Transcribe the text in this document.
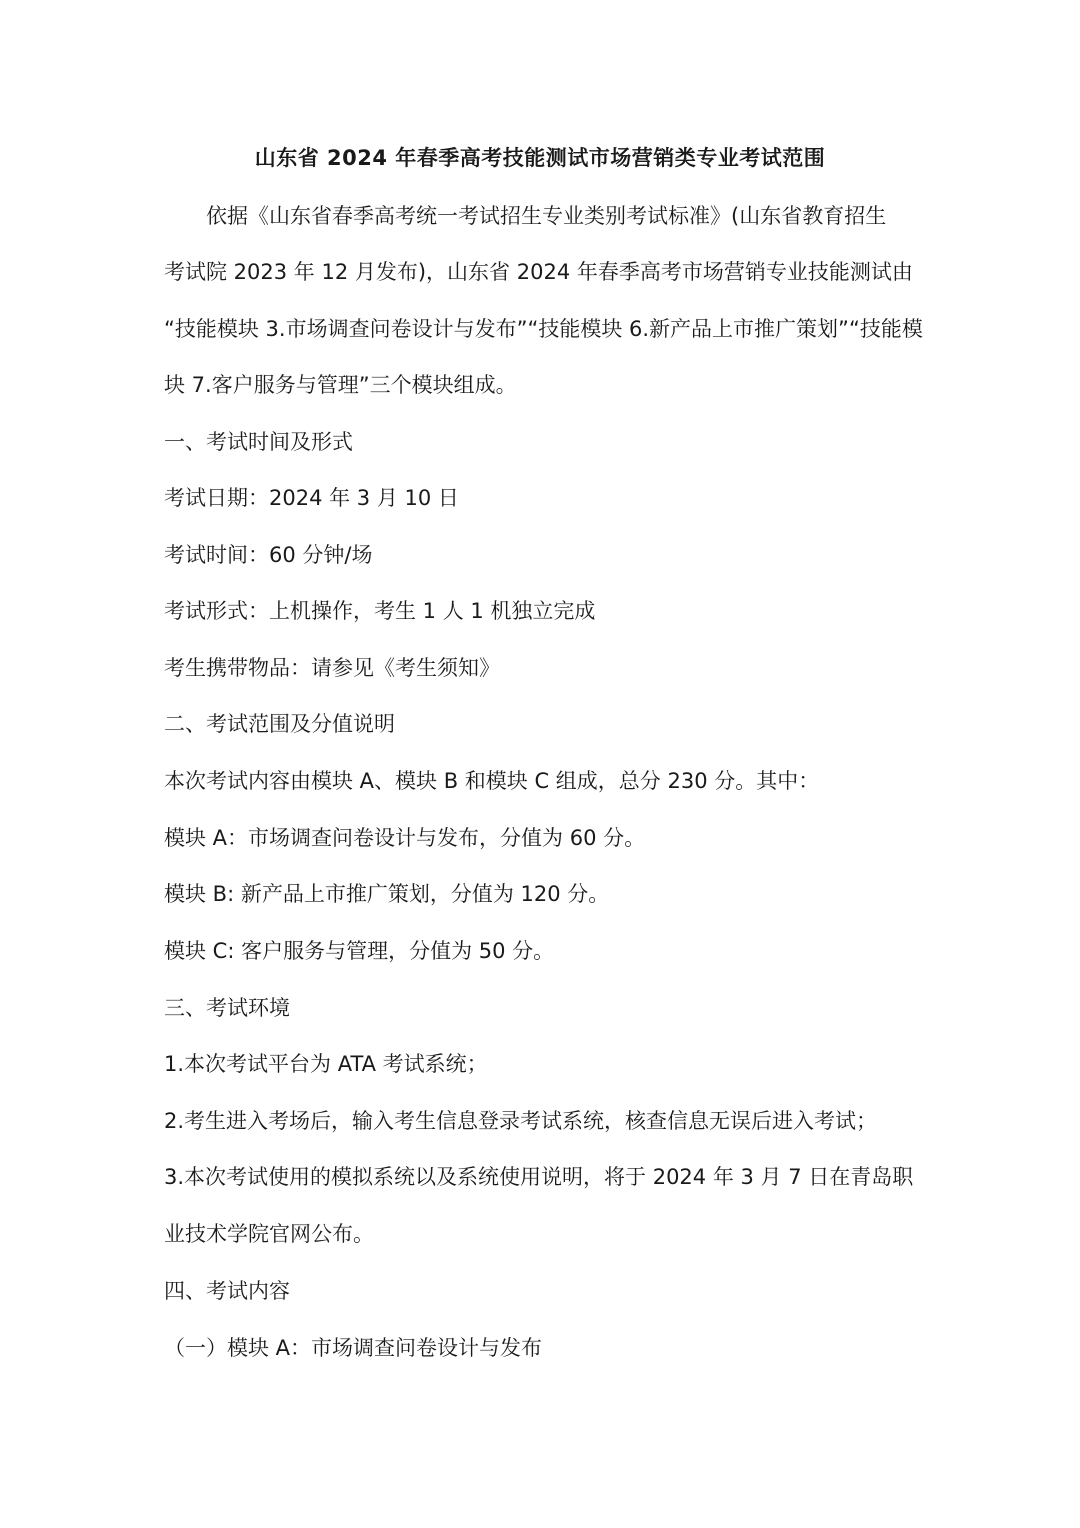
山东省 2024 年春季高考技能测试市场营销类专业考试范围
依据《山东省春季高考统一考试招生专业类别考试标准》(山东省教育招生
考试院 2023 年 12 月发布)，山东省 2024 年春季高考市场营销专业技能测试由
“技能模块 3.市场调查问卷设计与发布”“技能模块 6.新产品上市推广策划”“技能模
块 7.客户服务与管理”三个模块组成。
一、考试时间及形式
考试日期：2024 年 3 月 10 日
考试时间：60 分钟/场
考试形式：上机操作，考生 1 人 1 机独立完成
考生携带物品：请参见《考生须知》
二、考试范围及分值说明
本次考试内容由模块 A、模块 B 和模块 C 组成，总分 230 分。其中：
模块 A：市场调查问卷设计与发布，分值为 60 分。
模块 B: 新产品上市推广策划，分值为 120 分。
模块 C: 客户服务与管理，分值为 50 分。
三、考试环境
1.本次考试平台为 ATA 考试系统；
2.考生进入考场后，输入考生信息登录考试系统，核查信息无误后进入考试；
3.本次考试使用的模拟系统以及系统使用说明，将于 2024 年 3 月 7 日在青岛职
业技术学院官网公布。
四、考试内容
（一）模块 A：市场调查问卷设计与发布
